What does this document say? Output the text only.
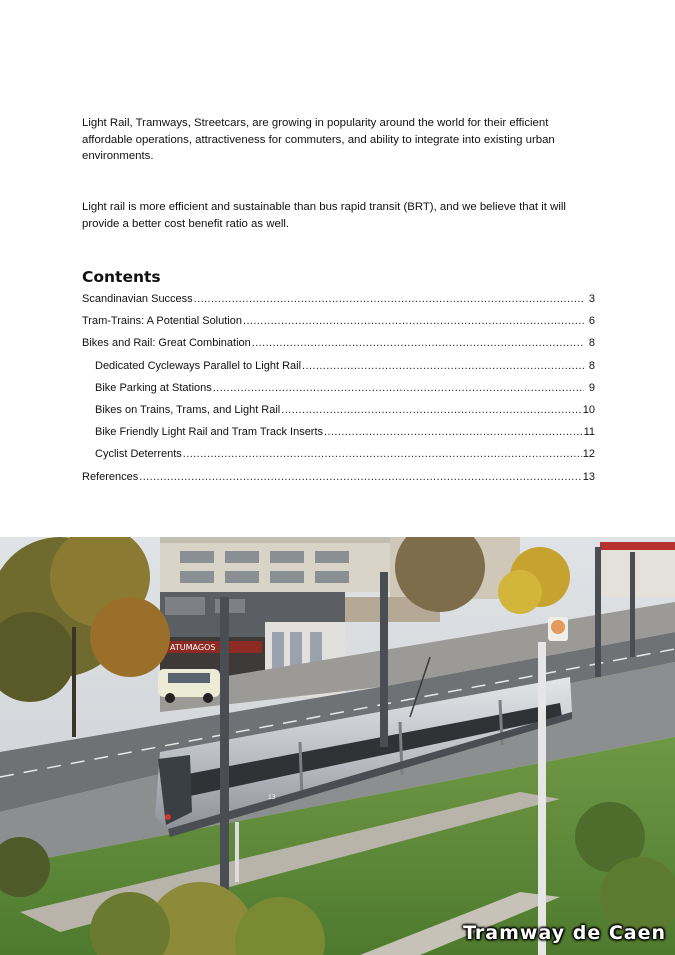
Light Rail, Tramways, Streetcars, are growing in popularity around the world for their efficient affordable operations, attractiveness for commuters, and ability to integrate into existing urban environments.

Light rail is more efficient and sustainable than bus rapid transit (BRT), and we believe that it will provide a better cost benefit ratio as well.

Contents
Scandinavian Success .....	3
Tram-Trains: A Potential Solution .....	6
Bikes and Rail: Great Combination .....	8
Dedicated Cycleways Parallel to Light Rail .....	8
Bike Parking at Stations .....	9
Bikes on Trains, Trams, and Light Rail .....	10
Bike Friendly Light Rail and Tram Track Inserts .....	11
Cyclist Deterrents .....	12
References .....	13
ATUMAGOS
13

Tramway de Caen
